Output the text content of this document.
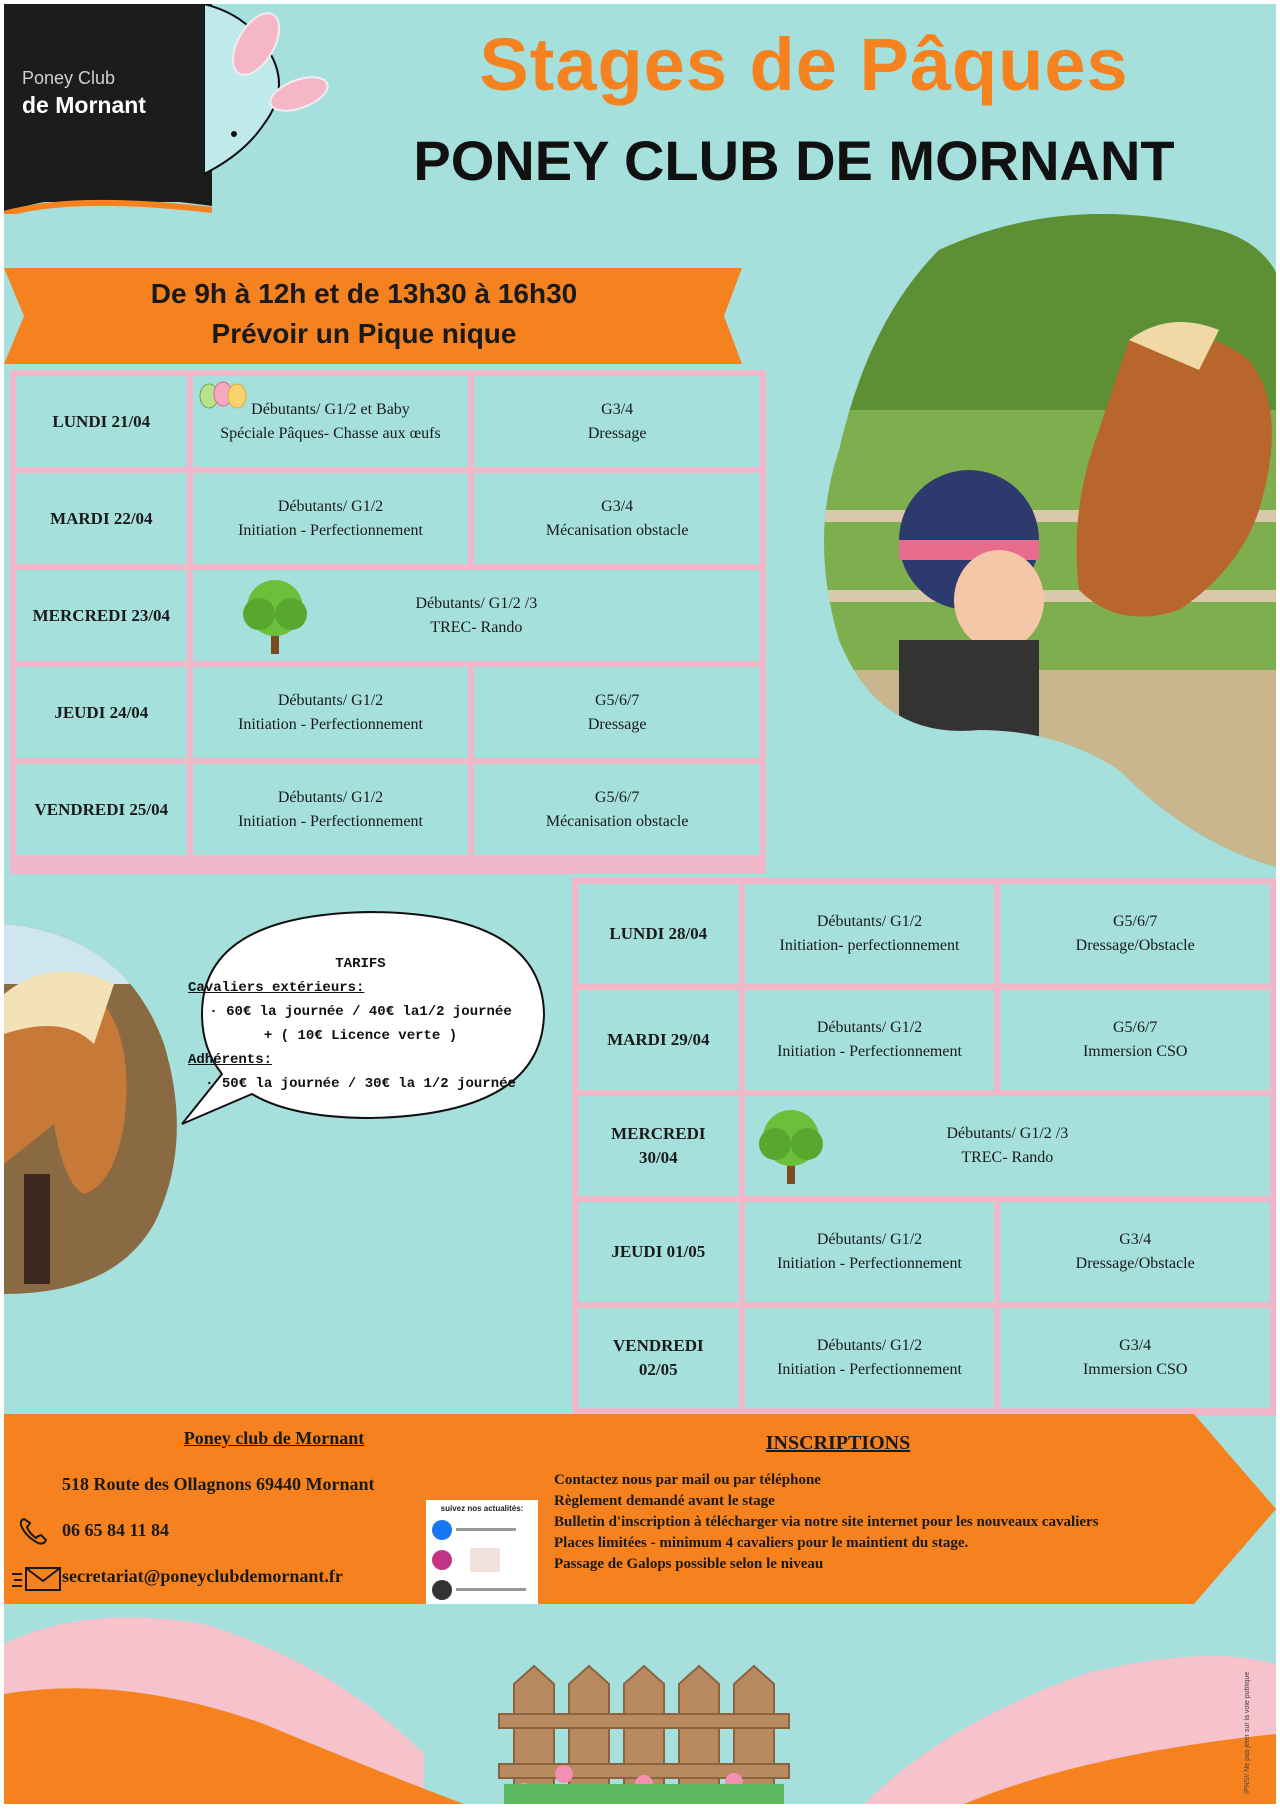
Poney Club
de Mornant	Stages de Pâques
PONEY CLUB DE MORNANT
De 9h à 12h et de 13h30 à 16h30
Prévoir un Pique nique
LUNDI 21/04
Débutants/ G1/2 et Baby
Spéciale Pâques- Chasse aux œufs
G3/4
Dressage
MARDI 22/04
Débutants/ G1/2
Initiation - Perfectionnement
G3/4
Mécanisation obstacle
MERCREDI 23/04
Débutants/ G1/2 /3
TREC- Rando
JEUDI 24/04
Débutants/ G1/2
Initiation - Perfectionnement
G5/6/7
Dressage
VENDREDI 25/04
Débutants/ G1/2
Initiation - Perfectionnement
G5/6/7
Mécanisation obstacle
TARIFS
Cavaliers extérieurs:
· 60€ la journée / 40€ la1/2 journée
+ ( 10€ Licence verte )
Adhérents:
· 50€ la journée / 30€ la 1/2 journée
LUNDI 28/04
Débutants/ G1/2
Initiation- perfectionnement
G5/6/7
Dressage/Obstacle
MARDI 29/04
Débutants/ G1/2
Initiation - Perfectionnement
G5/6/7
Immersion CSO
MERCREDI
30/04
Débutants/ G1/2 /3
TREC- Rando
JEUDI 01/05
Débutants/ G1/2
Initiation - Perfectionnement
G3/4
Dressage/Obstacle
VENDREDI
02/05
Débutants/ G1/2
Initiation - Perfectionnement
G3/4
Immersion CSO
Poney club de Mornant
518 Route des Ollagnons 69440 Mornant
06 65 84 11 84
secretariat@poneyclubdemornant.fr
suivez nos actualités:
INSCRIPTIONS
Contactez nous par mail ou par téléphone
Règlement demandé avant le stage
Bulletin d'inscription à télécharger via notre site internet pour les nouveaux cavaliers
Places limitées - minimum 4 cavaliers pour le maintient du stage.
Passage de Galops possible selon le niveau
IPNS// Ne pas jeter sur la voie publique
